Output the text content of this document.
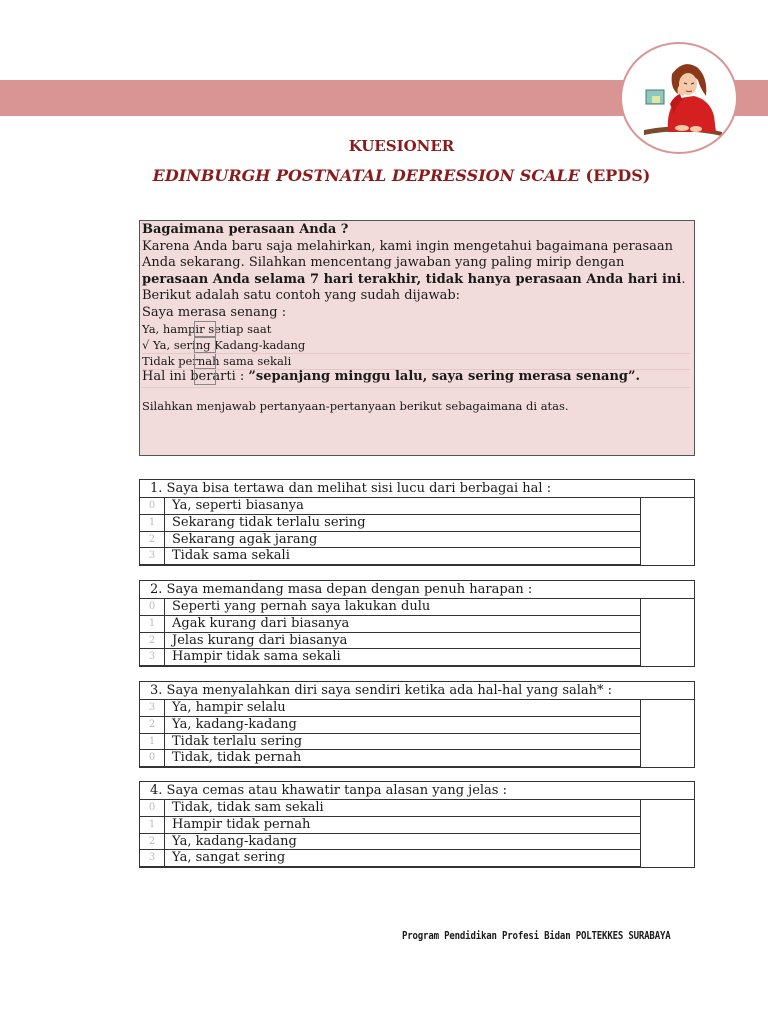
KUESIONER
EDINBURGH POSTNATAL DEPRESSION SCALE (EPDS)

Bagaimana perasaan Anda ?

Karena Anda baru saja melahirkan, kami ingin mengetahui bagaimana perasaan Anda sekarang. Silahkan mencentang jawaban yang paling mirip dengan perasaan Anda selama 7 hari terakhir, tidak hanya perasaan Anda hari ini. Berikut adalah satu contoh yang sudah dijawab:

Saya merasa senang :

Ya, hampir setiap saat

√ Ya, sering Kadang-kadang

Tidak pernah sama sekali

Hal ini berarti : ”sepanjang minggu lalu, saya sering merasa senang”.

Silahkan menjawab pertanyaan-pertanyaan berikut sebagaimana di atas.

1. Saya bisa tertawa dan melihat sisi lucu dari berbagai hal :
0	Ya, seperti biasanya
1	Sekarang tidak terlalu sering
2	Sekarang agak jarang
3	Tidak sama sekali
2. Saya memandang masa depan dengan penuh harapan :
0	Seperti yang pernah saya lakukan dulu
1	Agak kurang dari biasanya
2	Jelas kurang dari biasanya
3	Hampir tidak sama sekali
3. Saya menyalahkan diri saya sendiri ketika ada hal-hal yang salah* :
3	Ya, hampir selalu
2	Ya, kadang-kadang
1	Tidak terlalu sering
0	Tidak, tidak pernah
4. Saya cemas atau khawatir tanpa alasan yang jelas :
0	Tidak, tidak sam sekali
1	Hampir tidak pernah
2	Ya, kadang-kadang
3	Ya, sangat sering
Program Pendidikan Profesi Bidan POLTEKKES SURABAYA
